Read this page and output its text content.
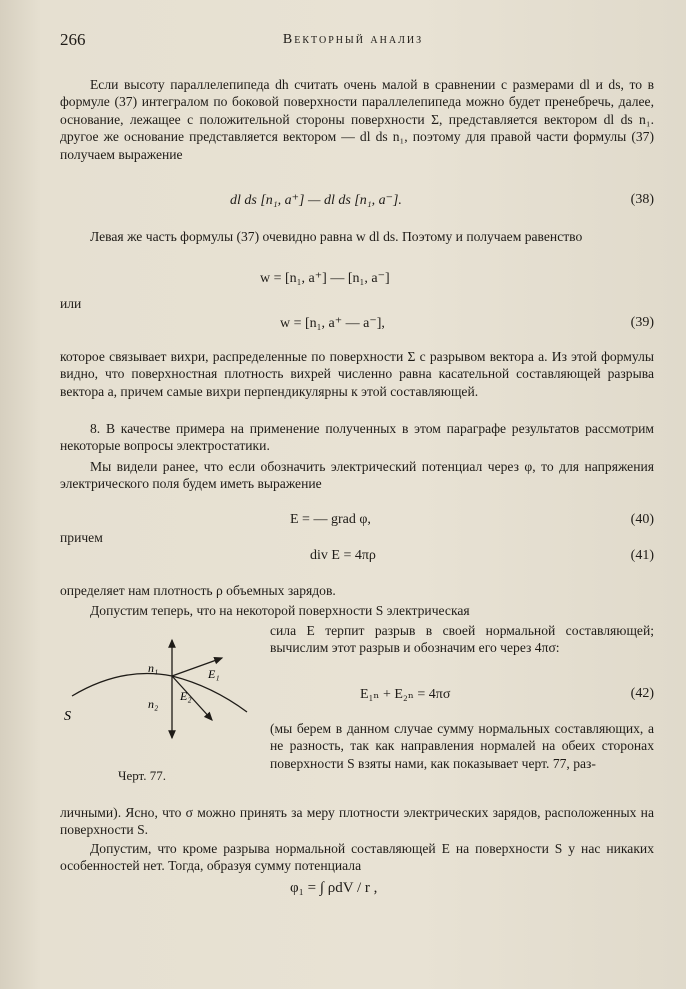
266	Векторный анализ

Если высоту параллелепипеда dh считать очень малой в сравнении с размерами dl и ds, то в формуле (37) интегралом по боковой поверхности параллелепипеда можно будет пренебречь, далее, основание, лежащее с положительной стороны поверхности Σ, представляется вектором dl ds n₁. другое же основание представляется вектором — dl ds n₁, поэтому для правой части формулы (37) получаем выражение

dl ds [n₁, a⁺] — dl ds [n₁, a⁻].	(38)

Левая же часть формулы (37) очевидно равна w dl ds. Поэтому и получаем равенство

w = [n₁, a⁺] — [n₁, a⁻]
или
w = [n₁, a⁺ — a⁻],	(39)

которое связывает вихри, распределенные по поверхности Σ с разрывом вектора a. Из этой формулы видно, что поверхностная плотность вихрей численно равна касательной составляющей разрыва вектора a, причем самые вихри перпендикулярны к этой составляющей.

8. В качестве примера на применение полученных в этом параграфе результатов рассмотрим некоторые вопросы электростатики.

Мы видели ранее, что если обозначить электрический потенциал через φ, то для напряжения электрического поля будем иметь выражение

E = — grad φ,	(40)
причем
div E = 4πρ	(41)

определяет нам плотность ρ объемных зарядов.

Допустим теперь, что на некоторой поверхности S электрическая

сила E терпит разрыв в своей нормальной составляющей; вычислим этот разрыв и обозначим его через 4πσ:

E₁ₙ + E₂ₙ = 4πσ	(42)
S
n₁
n₂
E₁
E₂
Черт. 77.

(мы берем в данном случае сумму нормальных составляющих, а не разность, так как направления нормалей на обеих сторонах поверхности S взяты нами, как показывает черт. 77, раз-

личными). Ясно, что σ можно принять за меру плотности электрических зарядов, расположенных на поверхности S.

Допустим, что кроме разрыва нормальной составляющей E на поверхности S у нас никаких особенностей нет. Тогда, образуя сумму потенциала

φ₁ = ∫ ρdV / r ,
